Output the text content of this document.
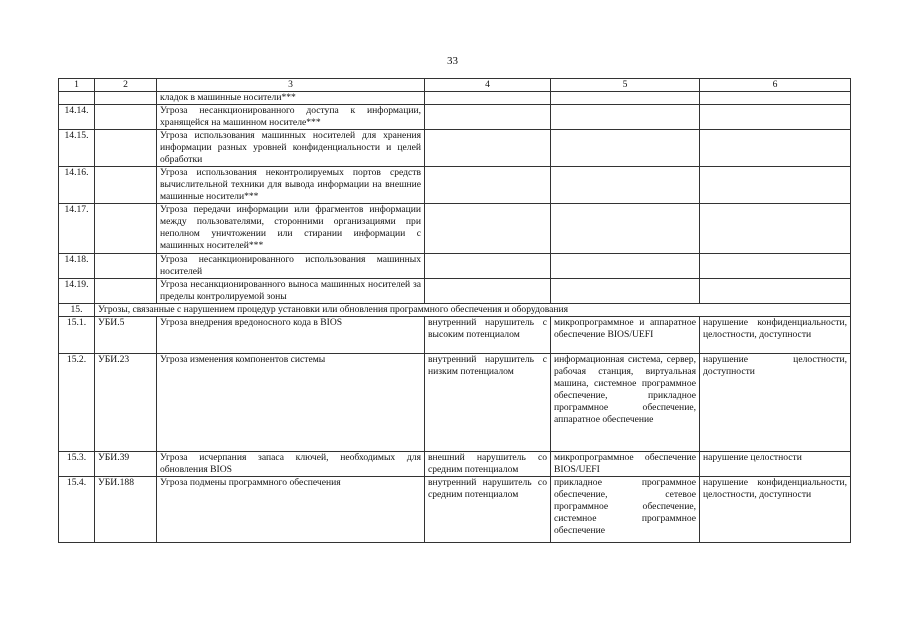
33
1	2	3	4	5	6
		кладок в машинные носители***			
14.14.		Угроза несанкционированного доступа к информации, хранящейся на машинном носителе***			
14.15.		Угроза использования машинных носителей для хранения информации разных уровней конфиденциальности и целей обработки			
14.16.		Угроза использования неконтролируемых портов средств вычислительной техники для вывода информации на внешние машинные носители***			
14.17.		Угроза передачи информации или фрагментов информации между пользователями, сторонними организациями при неполном уничтожении или стирании информации с машинных носителей***			
14.18.		Угроза несанкционированного использования машинных носителей			
14.19.		Угроза несанкционированного выноса машинных носителей за пределы контролируемой зоны			
15.	Угрозы, связанные с нарушением процедур установки или обновления программного обеспечения и оборудования				
15.1.	УБИ.5	Угроза внедрения вредоносного кода в BIOS	внутренний нарушитель с высоким потенциалом	микропрограммное и аппаратное обеспечение BIOS/UEFI	нарушение конфиденциальности, целостности, доступности
15.2.	УБИ.23	Угроза изменения компонентов системы	внутренний нарушитель с низким потенциалом	информационная система, сервер, рабочая станция, виртуальная машина, системное программное обеспечение, прикладное программное обеспечение, аппаратное обеспечение	нарушение целостности, доступности
15.3.	УБИ.39	Угроза исчерпания запаса ключей, необходимых для обновления BIOS	внешний нарушитель со средним потенциалом	микропрограммное обеспечение BIOS/UEFI	нарушение целостности
15.4.	УБИ.188	Угроза подмены программного обеспечения	внутренний нарушитель со средним потенциалом	прикладное программное обеспечение, сетевое программное обеспечение, системное программное обеспечение	нарушение конфиденциальности, целостности, доступности
